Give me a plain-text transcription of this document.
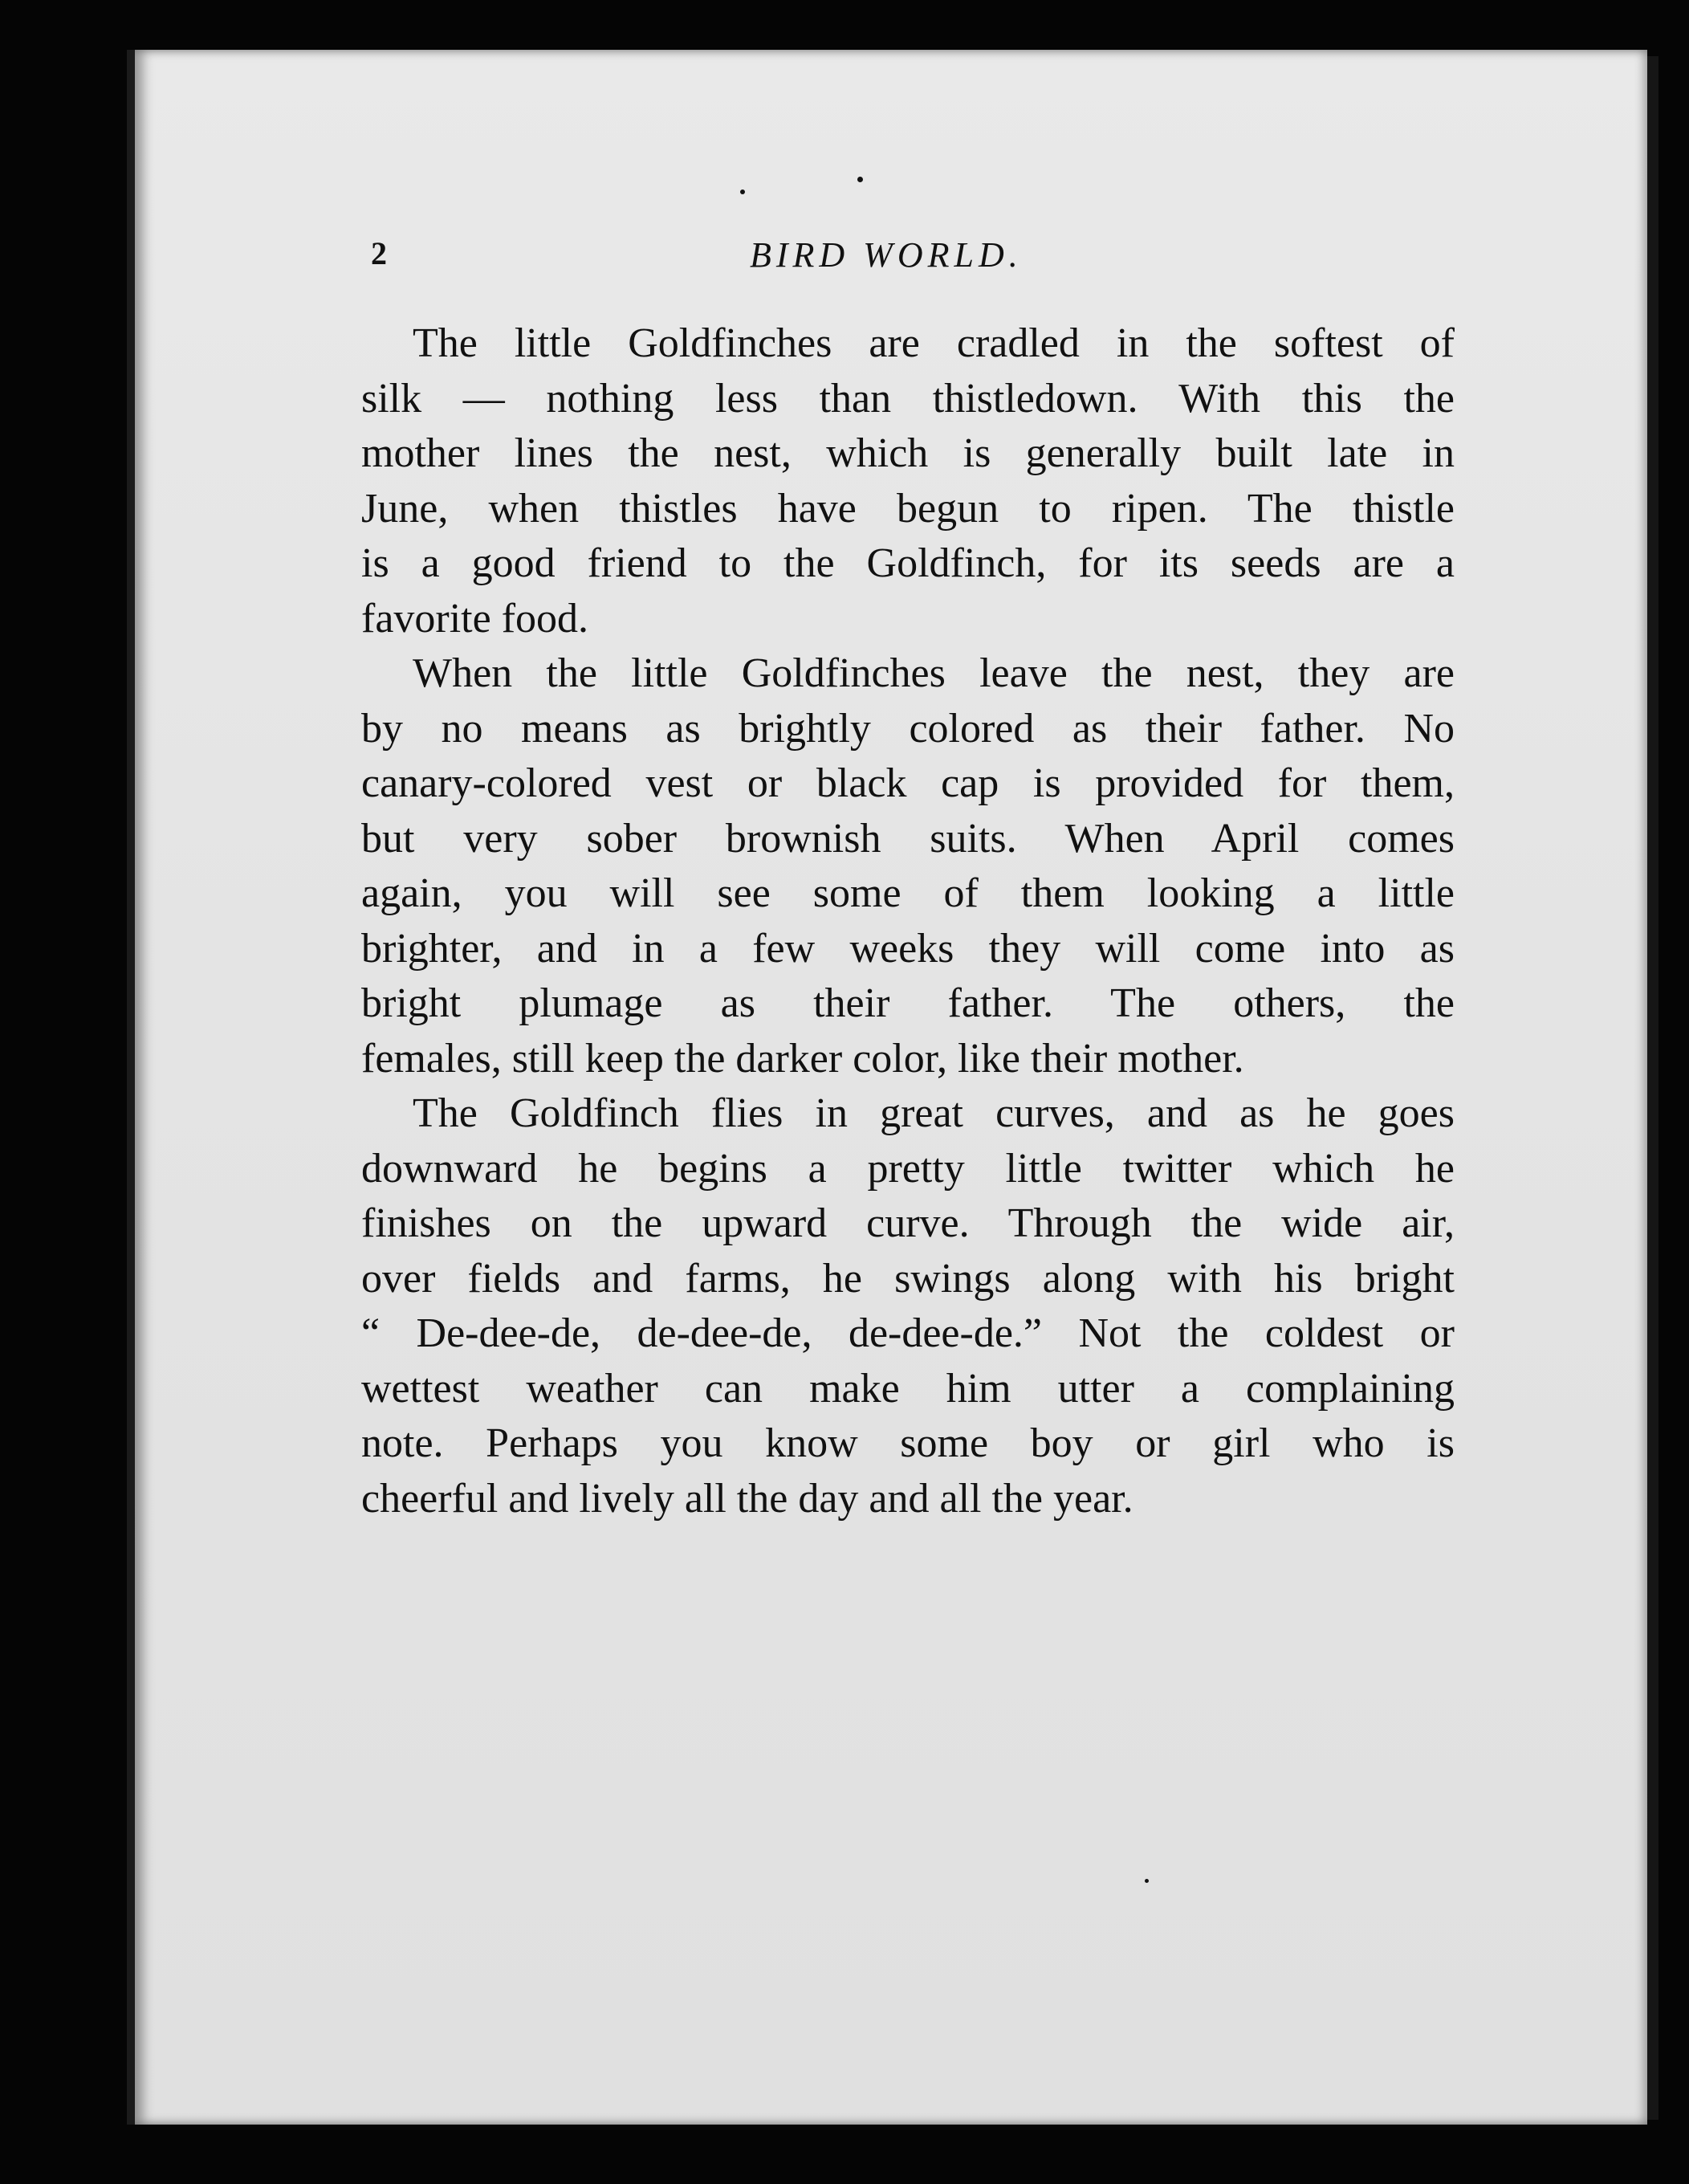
2	BIRD WORLD.

The little Goldfinches are cradled in the softest of
silk — nothing less than thistledown. With this the
mother lines the nest, which is generally built late in
June, when thistles have begun to ripen. The thistle
is a good friend to the Goldfinch, for its seeds are a
favorite food.

When the little Goldfinches leave the nest, they are
by no means as brightly colored as their father. No
canary-colored vest or black cap is provided for them,
but very sober brownish suits. When April comes
again, you will see some of them looking a little
brighter, and in a few weeks they will come into as
bright plumage as their father. The others, the
females, still keep the darker color, like their mother.

The Goldfinch flies in great curves, and as he goes
downward he begins a pretty little twitter which he
finishes on the upward curve. Through the wide air,
over fields and farms, he swings along with his bright
“ De-dee-de, de-dee-de, de-dee-de.” Not the coldest or
wettest weather can make him utter a complaining
note. Perhaps you know some boy or girl who is
cheerful and lively all the day and all the year.
